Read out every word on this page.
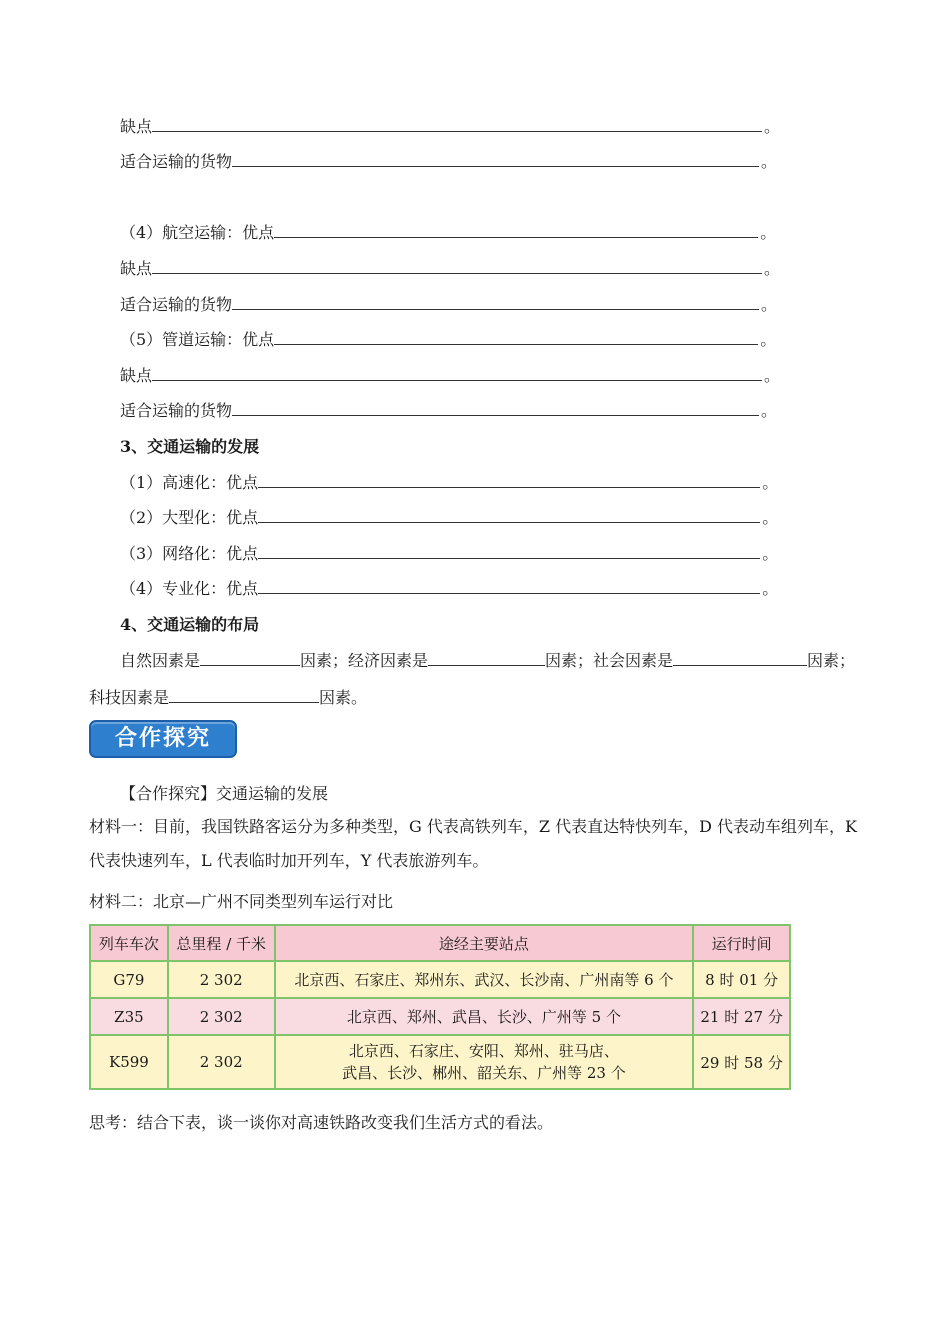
缺点	。
适合运输的货物	。
（4）航空运输：优点	。
缺点	。
适合运输的货物	。
（5）管道运输：优点	。
缺点	。
适合运输的货物	。
（1）高速化：优点	。
（2）大型化：优点	。
（3）网络化：优点	。
（4）专业化：优点	。
3、交通运输的发展
4、交通运输的布局
自然因素是	因素；经济因素是	因素；社会因素是	因素；
科技因素是	因素。
合作探究
【合作探究】交通运输的发展
材料一：目前，我国铁路客运分为多种类型，G 代表高铁列车，Z 代表直达特快列车，D 代表动车组列车，K 代表快速列车，L 代表临时加开列车，Y 代表旅游列车。
材料二：北京—广州不同类型列车运行对比
列车车次	总里程 / 千米	途经主要站点	运行时间
G79	2 302	北京西、石家庄、郑州东、武汉、长沙南、广州南等 6 个	8 时 01 分
Z35	2 302	北京西、郑州、武昌、长沙、广州等 5 个	21 时 27 分
K599	2 302	北京西、石家庄、安阳、郑州、驻马店、
武昌、长沙、郴州、韶关东、广州等 23 个	29 时 58 分
思考：结合下表，谈一谈你对高速铁路改变我们生活方式的看法。
